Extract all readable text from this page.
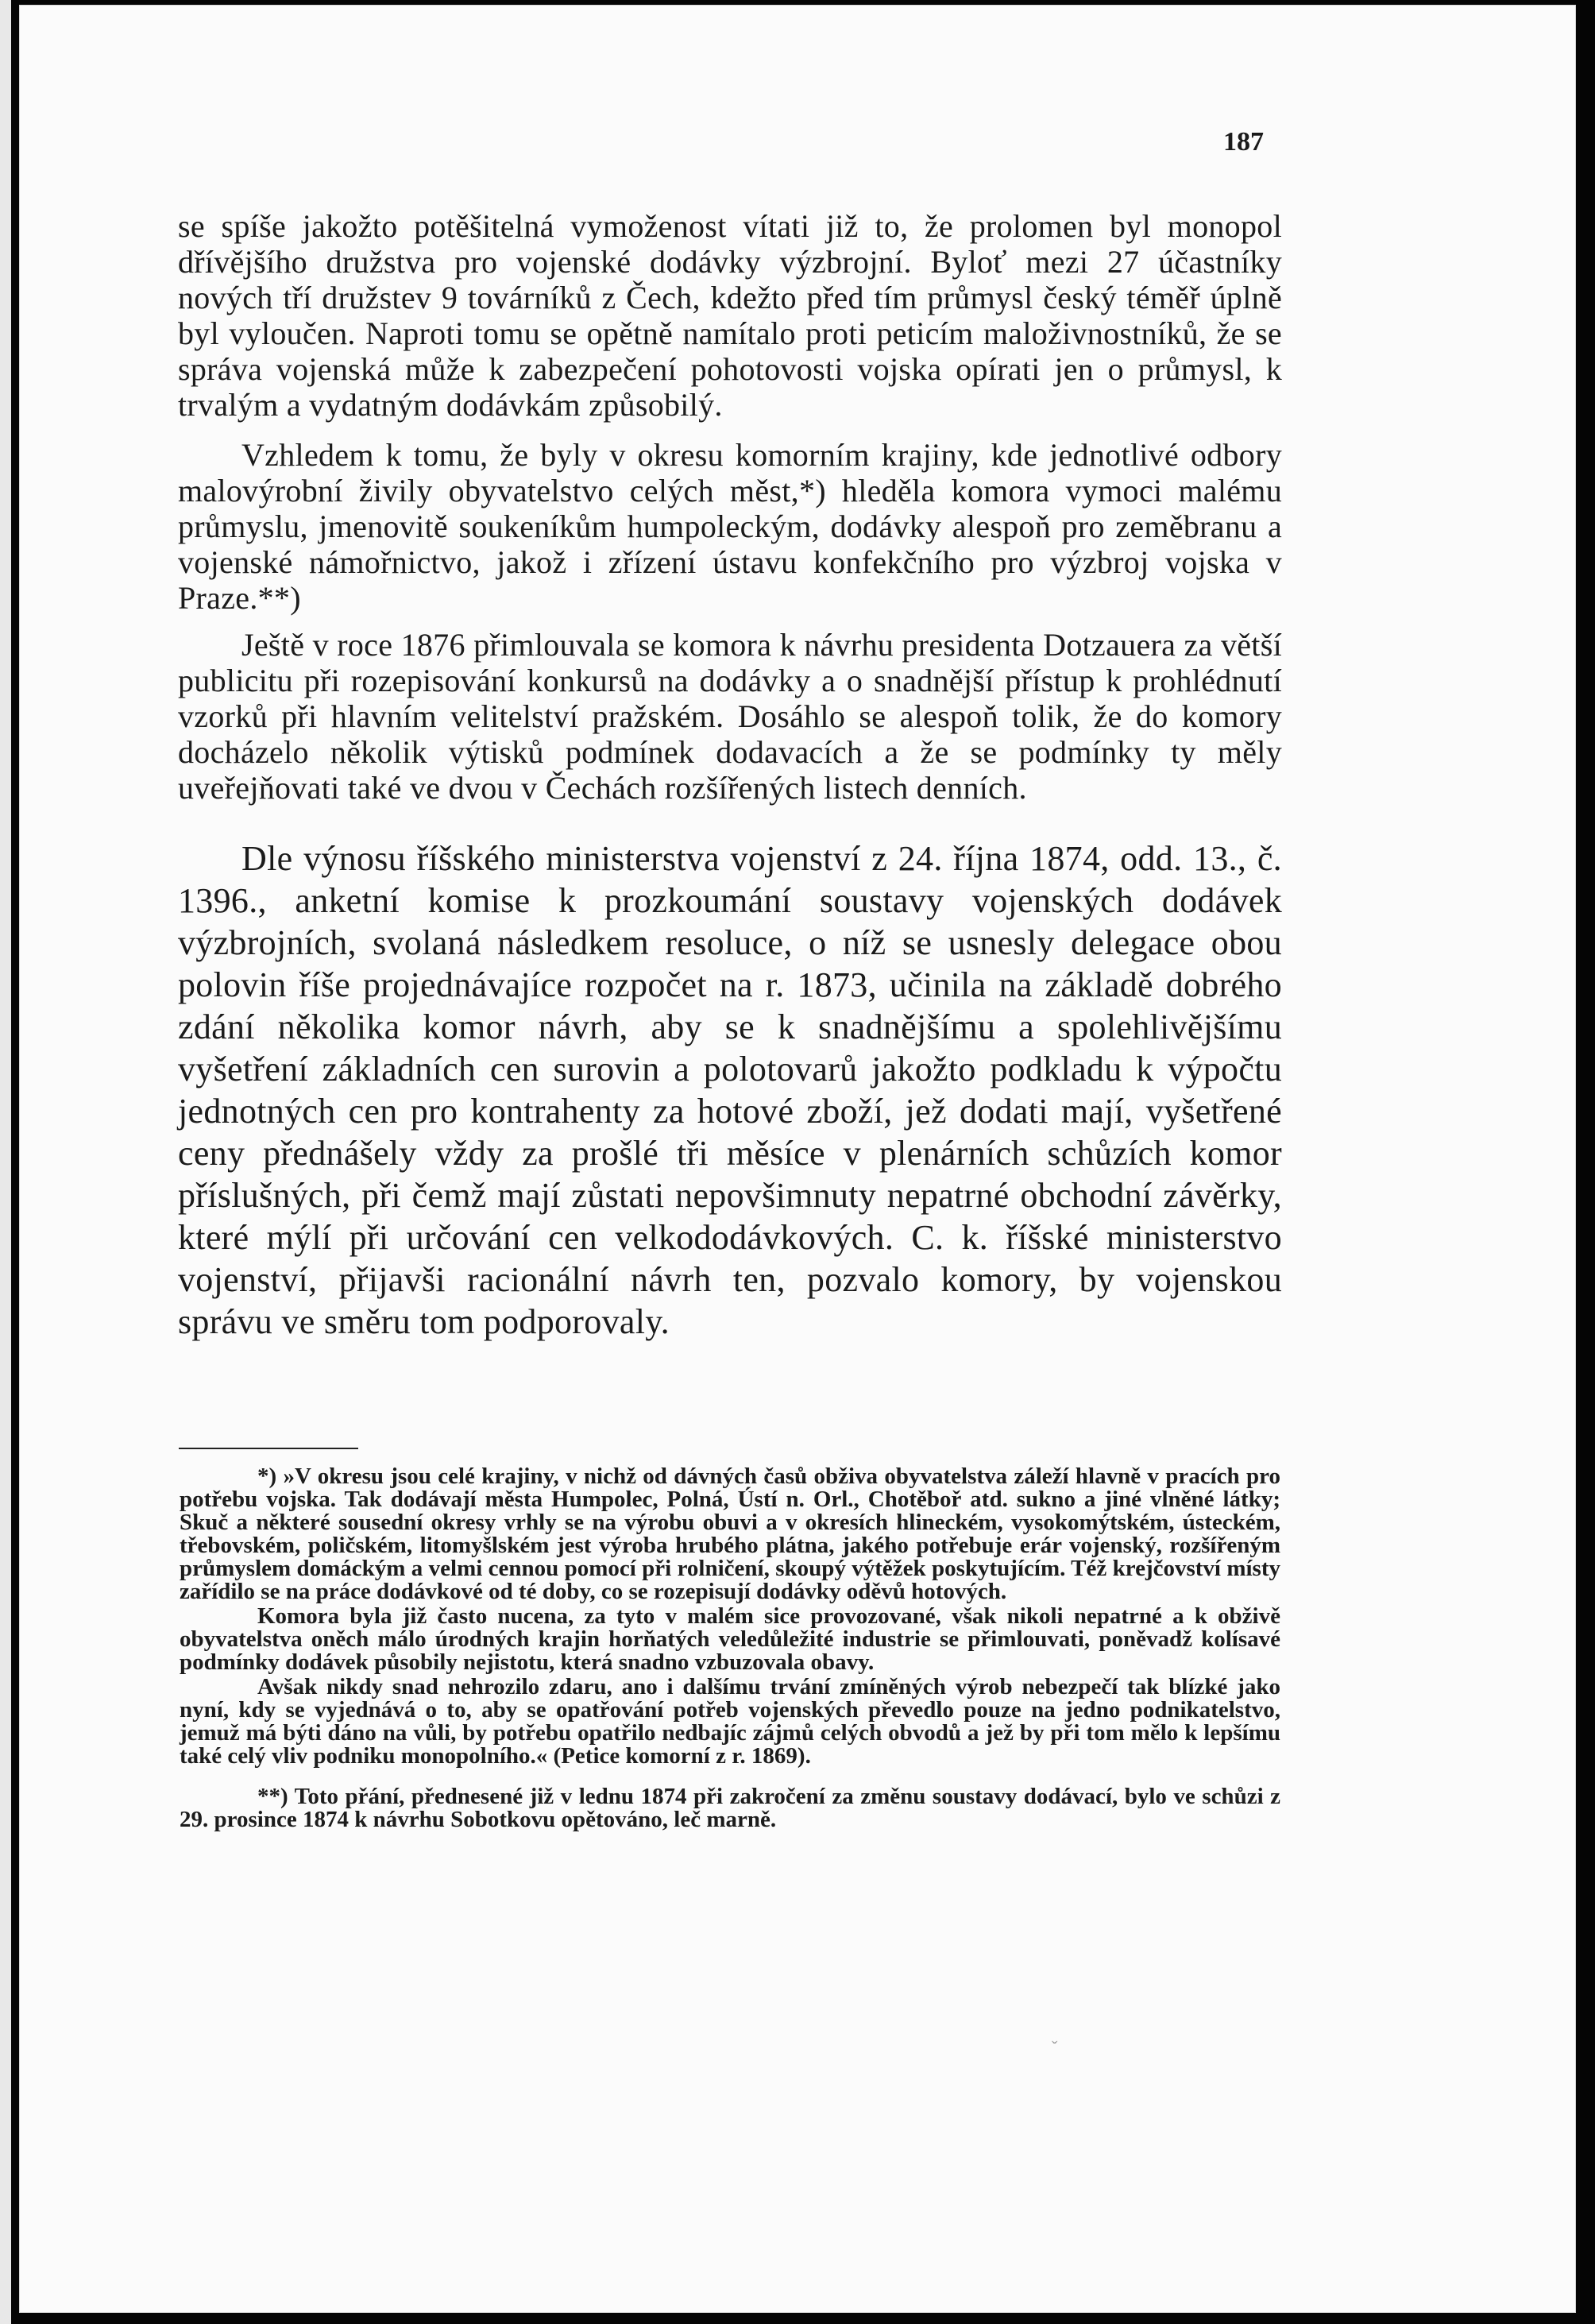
187

se spíše jakožto potěšitelná vymoženost vítati již to, že prolomen byl monopol dřívějšího družstva pro vojenské dodávky výzbrojní. Byloť mezi 27 účastníky nových tří družstev 9 továrníků z Čech, kdežto před tím průmysl český téměř úplně byl vyloučen. Naproti tomu se opětně namítalo proti peticím maloživnostníků, že se správa vojenská může k zabezpečení pohotovosti vojska opírati jen o průmysl, k trvalým a vydatným dodávkám způsobilý.

Vzhledem k tomu, že byly v okresu komorním krajiny, kde jednotlivé odbory malovýrobní živily obyvatelstvo celých měst,*) hleděla komora vymoci malému průmyslu, jmenovitě soukeníkům humpoleckým, dodávky alespoň pro zeměbranu a vojenské námořnictvo, jakož i zřízení ústavu konfekčního pro výzbroj vojska v Praze.**)

Ještě v roce 1876 přimlouvala se komora k návrhu presidenta Dotzauera za větší publicitu při rozepisování konkursů na dodávky a o snadnější přístup k prohlédnutí vzorků při hlavním velitelství pražském. Dosáhlo se alespoň tolik, že do komory docházelo několik výtisků podmínek dodavacích a že se podmínky ty měly uveřejňovati také ve dvou v Čechách rozšířených listech denních.

Dle výnosu říšského ministerstva vojenství z 24. října 1874, odd. 13., č. 1396., anketní komise k prozkoumání soustavy vojenských dodávek výzbrojních, svolaná následkem resoluce, o níž se usnesly delegace obou polovin říše projednávajíce rozpočet na r. 1873, učinila na základě dobrého zdání několika komor návrh, aby se k snadnějšímu a spolehlivějšímu vyšetření základních cen surovin a polotovarů jakožto podkladu k výpočtu jednotných cen pro kontrahenty za hotové zboží, jež dodati mají, vyšetřené ceny přednášely vždy za prošlé tři měsíce v plenárních schůzích komor příslušných, při čemž mají zůstati nepovšimnuty nepatrné obchodní závěrky, které mýlí při určování cen velkododávkových. C. k. říšské ministerstvo vojenství, přijavši racionální návrh ten, pozvalo komory, by vojenskou správu ve směru tom podporovaly.

*) »V okresu jsou celé krajiny, v nichž od dávných časů obživa obyvatelstva záleží hlavně v pracích pro potřebu vojska. Tak dodávají města Humpolec, Polná, Ústí n. Orl., Chotěboř atd. sukno a jiné vlněné látky; Skuč a některé sousední okresy vrhly se na výrobu obuvi a v okresích hlineckém, vysokomýtském, ústeckém, třebovském, poličském, litomyšlském jest výroba hrubého plátna, jakého potřebuje erár vojenský, rozšířeným průmyslem domáckým a velmi cennou pomocí při rolničení, skoupý výtěžek poskytujícím. Též krejčovství místy zařídilo se na práce dodávkové od té doby, co se rozepisují dodávky oděvů hotových.

Komora byla již často nucena, za tyto v malém sice provozované, však nikoli nepatrné a k obživě obyvatelstva oněch málo úrodných krajin horňatých veledůležité industrie se přimlouvati, poněvadž kolísavé podmínky dodávek působily nejistotu, která snadno vzbuzovala obavy.

Avšak nikdy snad nehrozilo zdaru, ano i dalšímu trvání zmíněných výrob nebezpečí tak blízké jako nyní, kdy se vyjednává o to, aby se opatřování potřeb vojenských převedlo pouze na jedno podnikatelstvo, jemuž má býti dáno na vůli, by potřebu opatřilo nedbajíc zájmů celých obvodů a jež by při tom mělo k lepšímu také celý vliv podniku monopolního.« (Petice komorní z r. 1869).

**) Toto přání, přednesené již v lednu 1874 při zakročení za změnu soustavy dodávací, bylo ve schůzi z 29. prosince 1874 k návrhu Sobotkovu opětováno, leč marně.

ˇ
